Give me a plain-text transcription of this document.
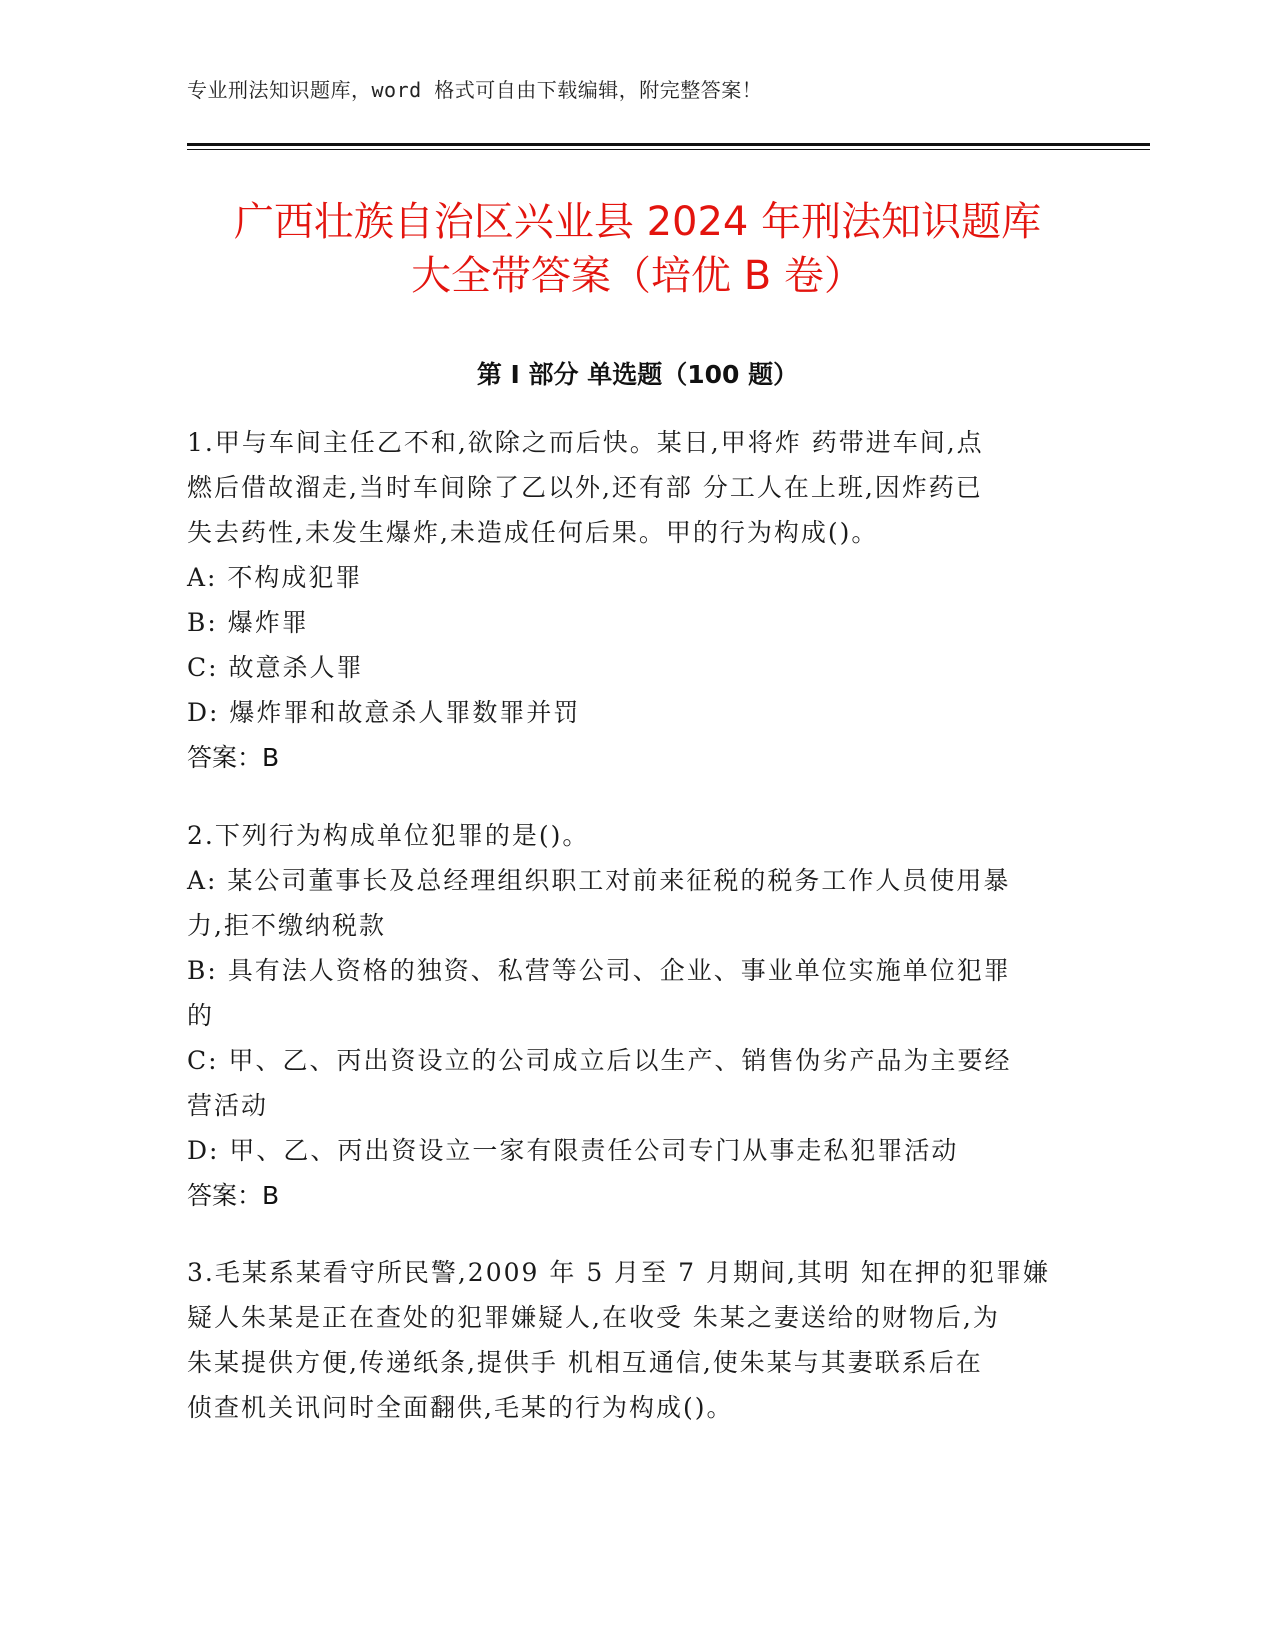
专业刑法知识题库，word 格式可自由下载编辑，附完整答案！
广西壮族自治区兴业县 2024 年刑法知识题库
大全带答案（培优 B 卷）
第 I 部分 单选题（100 题）
1.甲与车间主任乙不和,欲除之而后快。某日,甲将炸 药带进车间,点
燃后借故溜走,当时车间除了乙以外,还有部 分工人在上班,因炸药已
失去药性,未发生爆炸,未造成任何后果。甲的行为构成()。
A: 不构成犯罪
B: 爆炸罪
C: 故意杀人罪
D: 爆炸罪和故意杀人罪数罪并罚
答案：B
2.下列行为构成单位犯罪的是()。
A: 某公司董事长及总经理组织职工对前来征税的税务工作人员使用暴
力,拒不缴纳税款
B: 具有法人资格的独资、私营等公司、企业、事业单位实施单位犯罪
的
C: 甲、乙、丙出资设立的公司成立后以生产、销售伪劣产品为主要经
营活动
D: 甲、乙、丙出资设立一家有限责任公司专门从事走私犯罪活动
答案：B
3.毛某系某看守所民警,2009 年 5 月至 7 月期间,其明 知在押的犯罪嫌
疑人朱某是正在查处的犯罪嫌疑人,在收受 朱某之妻送给的财物后,为
朱某提供方便,传递纸条,提供手 机相互通信,使朱某与其妻联系后在
侦查机关讯问时全面翻供,毛某的行为构成()。
